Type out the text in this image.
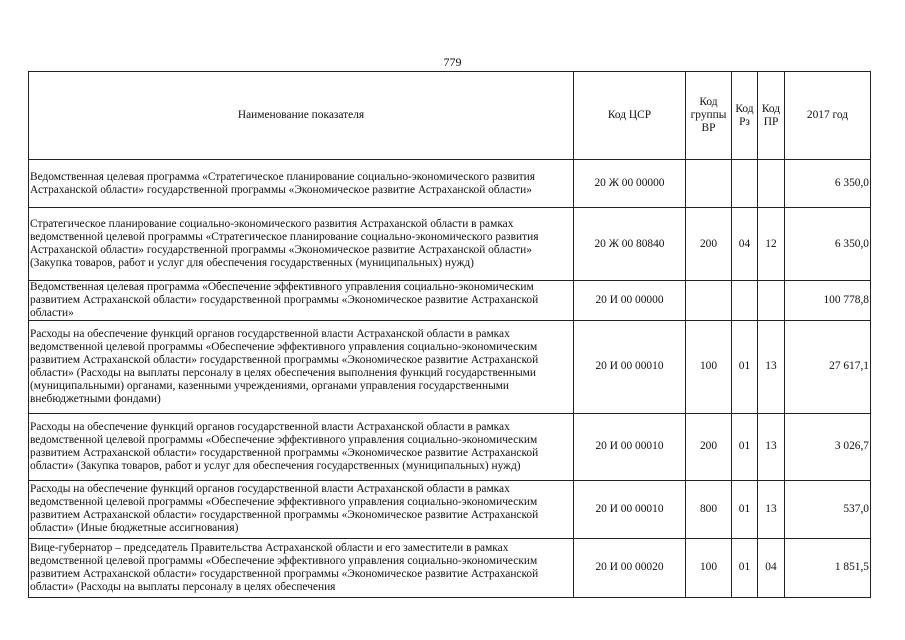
779
Наименование показателя	Код ЦСР	Код группы ВР	Код Рз	Код ПР	2017 год
Ведомственная целевая программа «Стратегическое планирование социально-экономического развития Астраханской области» государственной программы «Экономическое развитие Астраханской области»	20 Ж 00 00000				6 350,0
Стратегическое планирование социально-экономического развития Астраханской области в рамках ведомственной целевой программы «Стратегическое планирование социально-экономического развития Астраханской области» государственной программы «Экономическое развитие Астраханской области» (Закупка товаров, работ и услуг для обеспечения государственных (муниципальных) нужд)	20 Ж 00 80840	200	04	12	6 350,0
Ведомственная целевая программа «Обеспечение эффективного управления социально-экономическим развитием Астраханской области» государственной программы «Экономическое развитие Астраханской области»	20 И 00 00000				100 778,8
Расходы на обеспечение функций органов государственной власти Астраханской области в рамках ведомственной целевой программы «Обеспечение эффективного управления социально-экономическим развитием Астраханской области» государственной программы «Экономическое развитие Астраханской области» (Расходы на выплаты персоналу в целях обеспечения выполнения функций государственными (муниципальными) органами, казенными учреждениями, органами управления государственными внебюджетными фондами)	20 И 00 00010	100	01	13	27 617,1
Расходы на обеспечение функций органов государственной власти Астраханской области в рамках ведомственной целевой программы «Обеспечение эффективного управления социально-экономическим развитием Астраханской области» государственной программы «Экономическое развитие Астраханской области» (Закупка товаров, работ и услуг для обеспечения государственных (муниципальных) нужд)	20 И 00 00010	200	01	13	3 026,7
Расходы на обеспечение функций органов государственной власти Астраханской области в рамках ведомственной целевой программы «Обеспечение эффективного управления социально-экономическим развитием Астраханской области» государственной программы «Экономическое развитие Астраханской области» (Иные бюджетные ассигнования)	20 И 00 00010	800	01	13	537,0
Вице-губернатор – председатель Правительства Астраханской области и его заместители в рамках ведомственной целевой программы «Обеспечение эффективного управления социально-экономическим развитием Астраханской области» государственной программы «Экономическое развитие Астраханской области» (Расходы на выплаты персоналу в целях обеспечения	20 И 00 00020	100	01	04	1 851,5
